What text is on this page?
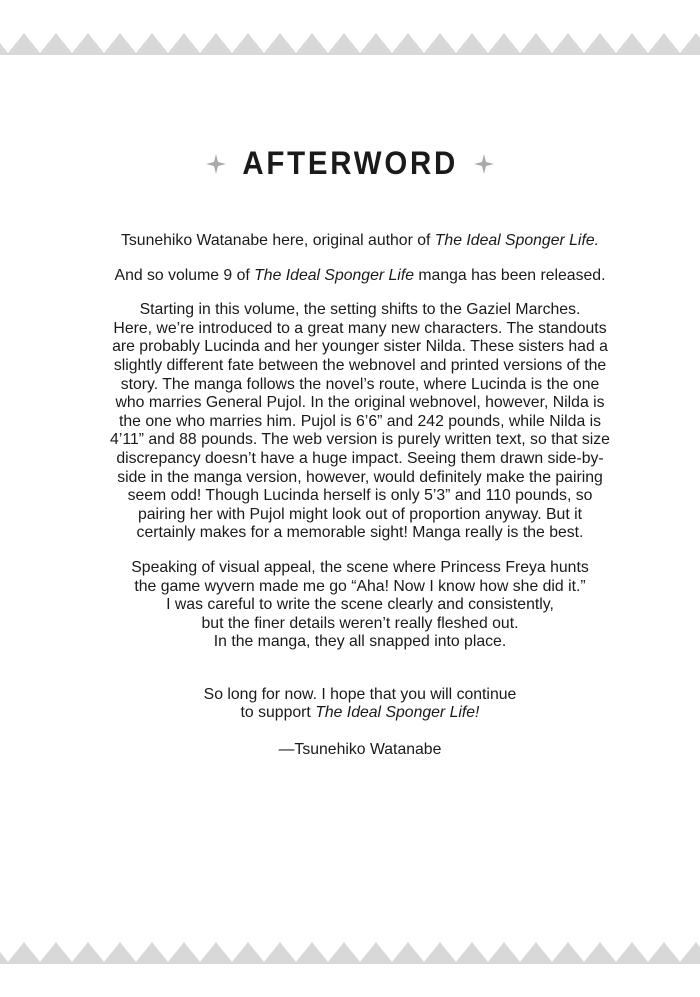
AFTERWORD

Tsunehiko Watanabe here, original author of The Ideal Sponger Life.

And so volume 9 of The Ideal Sponger Life manga has been released.

Starting in this volume, the setting shifts to the Gaziel Marches.
Here, we’re introduced to a great many new characters. The standouts
are probably Lucinda and her younger sister Nilda. These sisters had a
slightly different fate between the webnovel and printed versions of the
story. The manga follows the novel’s route, where Lucinda is the one
who marries General Pujol. In the original webnovel, however, Nilda is
the one who marries him. Pujol is 6’6” and 242 pounds, while Nilda is
4’11” and 88 pounds. The web version is purely written text, so that size
discrepancy doesn’t have a huge impact. Seeing them drawn side-by-
side in the manga version, however, would definitely make the pairing
seem odd! Though Lucinda herself is only 5’3” and 110 pounds, so
pairing her with Pujol might look out of proportion anyway. But it
certainly makes for a memorable sight! Manga really is the best.

Speaking of visual appeal, the scene where Princess Freya hunts
the game wyvern made me go “Aha! Now I know how she did it.”
I was careful to write the scene clearly and consistently,
but the finer details weren’t really fleshed out.
In the manga, they all snapped into place.

So long for now. I hope that you will continue
to support The Ideal Sponger Life!

—Tsunehiko Watanabe
